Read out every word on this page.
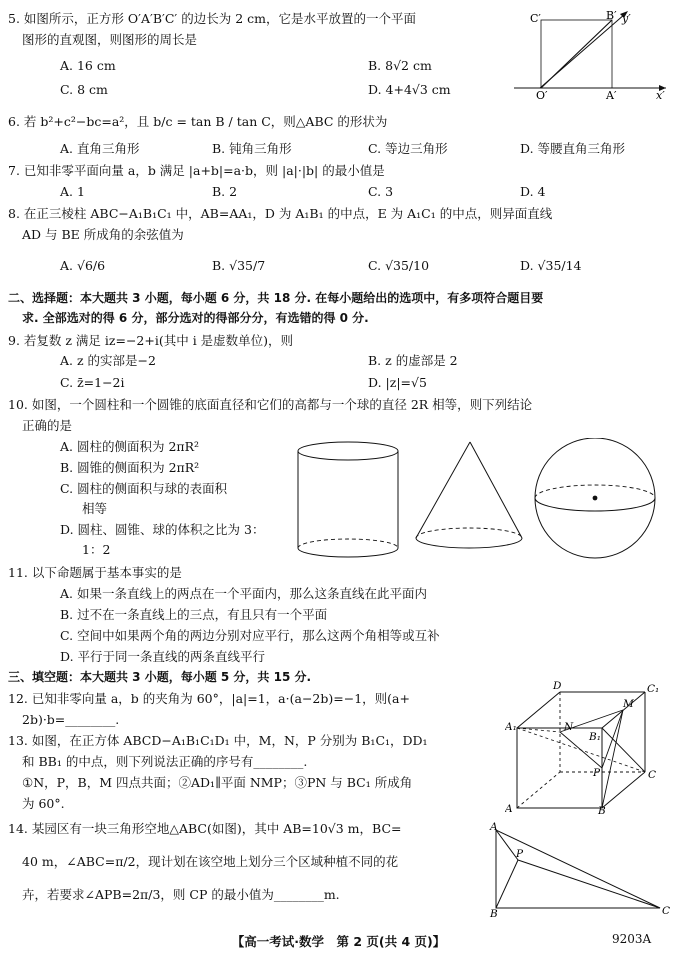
5. 如图所示，正方形 O′A′B′C′ 的边长为 2 cm，它是水平放置的一个平面
图形的直观图，则图形的周长是
A. 16 cm	B. 8√2 cm
C. 8 cm	D. 4+4√3 cm
C′	B′ y′
O′	A′	x′
6. 若 b²+c²−bc=a²，且 b/c = tan B / tan C，则△ABC 的形状为
A. 直角三角形	B. 钝角三角形	C. 等边三角形	D. 等腰直角三角形
7. 已知非零平面向量 a，b 满足 |a+b|=a·b，则 |a|·|b| 的最小值是
A. 1	B. 2	C. 3	D. 4
8. 在正三棱柱 ABC−A₁B₁C₁ 中，AB=AA₁，D 为 A₁B₁ 的中点，E 为 A₁C₁ 的中点，则异面直线
AD 与 BE 所成角的余弦值为
A. √6/6	B. √35/7	C. √35/10	D. √35/14
二、选择题：本大题共 3 小题，每小题 6 分，共 18 分. 在每小题给出的选项中，有多项符合题目要
求. 全部选对的得 6 分，部分选对的得部分分，有选错的得 0 分.
9. 若复数 z 满足 iz=−2+i(其中 i 是虚数单位)，则
A. z 的实部是−2	B. z 的虚部是 2
C. z̄=1−2i	D. |z|=√5
10. 如图，一个圆柱和一个圆锥的底面直径和它们的高都与一个球的直径 2R 相等，则下列结论
正确的是
A. 圆柱的侧面积为 2πR²
B. 圆锥的侧面积为 2πR²
C. 圆柱的侧面积与球的表面积
相等
D. 圆柱、圆锥、球的体积之比为 3：
1：2
11. 以下命题属于基本事实的是
A. 如果一条直线上的两点在一个平面内，那么这条直线在此平面内
B. 过不在一条直线上的三点，有且只有一个平面
C. 空间中如果两个角的两边分别对应平行，那么这两个角相等或互补
D. 平行于同一条直线的两条直线平行
三、填空题：本大题共 3 小题，每小题 5 分，共 15 分.
12. 已知非零向量 a，b 的夹角为 60°，|a|=1，a·(a−2b)=−1，则(a+
2b)·b=________.
13. 如图，在正方体 ABCD−A₁B₁C₁D₁ 中，M，N，P 分别为 B₁C₁，DD₁
和 BB₁ 的中点，则下列说法正确的序号有________.
①N，P，B，M 四点共面；②AD₁∥平面 NMP；③PN 与 BC₁ 所成角
为 60°.
D
A₁
C₁
M
N
B₁
A
P	C
B
14. 某园区有一块三角形空地△ABC(如图)，其中 AB=10√3 m，BC=
40 m，∠ABC=π/2，现计划在该空地上划分三个区域种植不同的花
卉，若要求∠APB=2π/3，则 CP 的最小值为________m.
A
P
B	C
【高一考试·数学　第 2 页(共 4 页)】	9203A
